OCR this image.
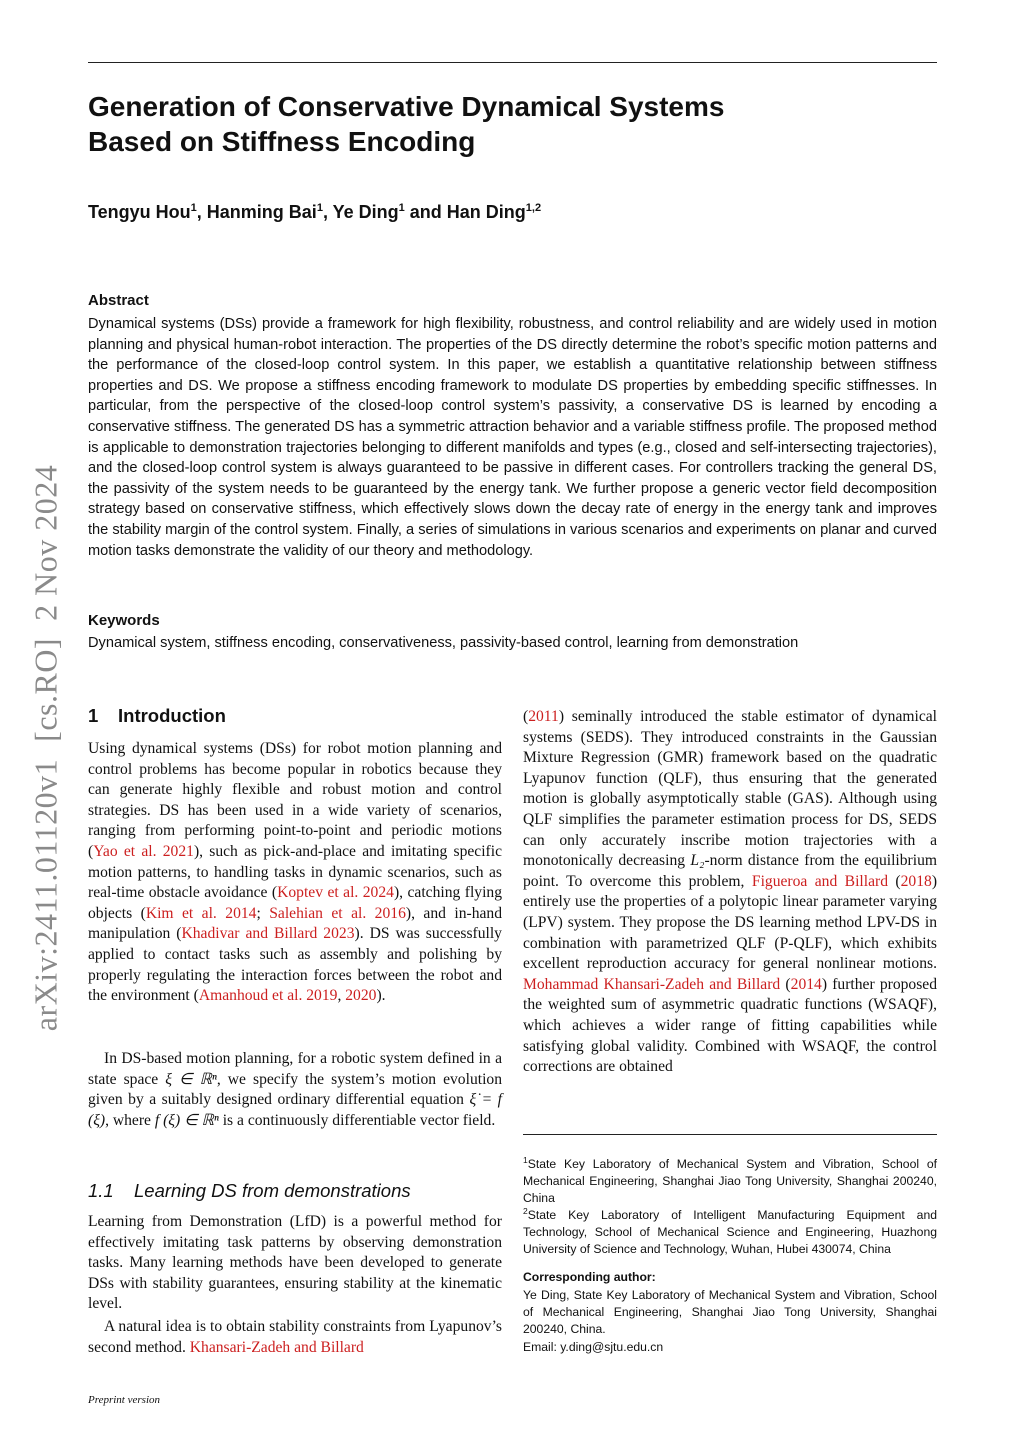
Generation of Conservative Dynamical Systems Based on Stiffness Encoding
Tengyu Hou$^1$, Hanming Bai$^1$, Ye Ding$^1$ and Han Ding$^{1,2}$
Abstract

Dynamical systems (DSs) provide a framework for high flexibility, robustness, and control reliability and are widely used in motion planning and physical human-robot interaction. The properties of the DS directly determine the robot’s specific motion patterns and the performance of the closed-loop control system. In this paper, we establish a quantitative relationship between stiffness properties and DS. We propose a stiffness encoding framework to modulate DS properties by embedding specific stiffnesses. In particular, from the perspective of the closed-loop control system’s passivity, a conservative DS is learned by encoding a conservative stiffness. The generated DS has a symmetric attraction behavior and a variable stiffness profile. The proposed method is applicable to demonstration trajectories belonging to different manifolds and types (e.g., closed and self-intersecting trajectories), and the closed-loop control system is always guaranteed to be passive in different cases. For controllers tracking the general DS, the passivity of the system needs to be guaranteed by the energy tank. We further propose a generic vector field decomposition strategy based on conservative stiffness, which effectively slows down the decay rate of energy in the energy tank and improves the stability margin of the control system. Finally, a series of simulations in various scenarios and experiments on planar and curved motion tasks demonstrate the validity of our theory and methodology.

Keywords

Dynamical system, stiffness encoding, conservativeness, passivity-based control, learning from demonstration

1 Introduction

Using dynamical systems (DSs) for robot motion planning and control problems has become popular in robotics because they can generate highly flexible and robust motion and control strategies. DS has been used in a wide variety of scenarios, ranging from performing point-to-point and periodic motions (Yao et al. 2021), such as pick-and-place and imitating specific motion patterns, to handling tasks in dynamic scenarios, such as real-time obstacle avoidance (Koptev et al. 2024), catching flying objects (Kim et al. 2014; Salehian et al. 2016), and in-hand manipulation (Khadivar and Billard 2023). DS was successfully applied to contact tasks such as assembly and polishing by properly regulating the interaction forces between the robot and the environment (Amanhoud et al. 2019, 2020).

In DS-based motion planning, for a robotic system defined in a state space ξ ∈ ℝⁿ, we specify the system’s motion evolution given by a suitably designed ordinary differential equation ξ̇ = f (ξ), where f (ξ) ∈ ℝⁿ is a continuously differentiable vector field.

1.1 Learning DS from demonstrations

Learning from Demonstration (LfD) is a powerful method for effectively imitating task patterns by observing demonstration tasks. Many learning methods have been developed to generate DSs with stability guarantees, ensuring stability at the kinematic level.

A natural idea is to obtain stability constraints from Lyapunov’s second method. Khansari-Zadeh and Billard

(2011) seminally introduced the stable estimator of dynamical systems (SEDS). They introduced constraints in the Gaussian Mixture Regression (GMR) framework based on the quadratic Lyapunov function (QLF), thus ensuring that the generated motion is globally asymptotically stable (GAS). Although using QLF simplifies the parameter estimation process for DS, SEDS can only accurately inscribe motion trajectories with a monotonically decreasing L₂-norm distance from the equilibrium point. To overcome this problem, Figueroa and Billard (2018) entirely use the properties of a polytopic linear parameter varying (LPV) system. They propose the DS learning method LPV-DS in combination with parametrized QLF (P-QLF), which exhibits excellent reproduction accuracy for general nonlinear motions. Mohammad Khansari-Zadeh and Billard (2014) further proposed the weighted sum of asymmetric quadratic functions (WSAQF), which achieves a wider range of fitting capabilities while satisfying global validity. Combined with WSAQF, the control corrections are obtained

$^1$State Key Laboratory of Mechanical System and Vibration, School of Mechanical Engineering, Shanghai Jiao Tong University, Shanghai 200240, China

$^2$State Key Laboratory of Intelligent Manufacturing Equipment and Technology, School of Mechanical Science and Engineering, Huazhong University of Science and Technology, Wuhan, Hubei 430074, China

Corresponding author:

Ye Ding, State Key Laboratory of Mechanical System and Vibration, School of Mechanical Engineering, Shanghai Jiao Tong University, Shanghai 200240, China.

Email: y.ding@sjtu.edu.cn
Preprint version
arXiv:2411.01120v1  [cs.RO]  2 Nov 2024
